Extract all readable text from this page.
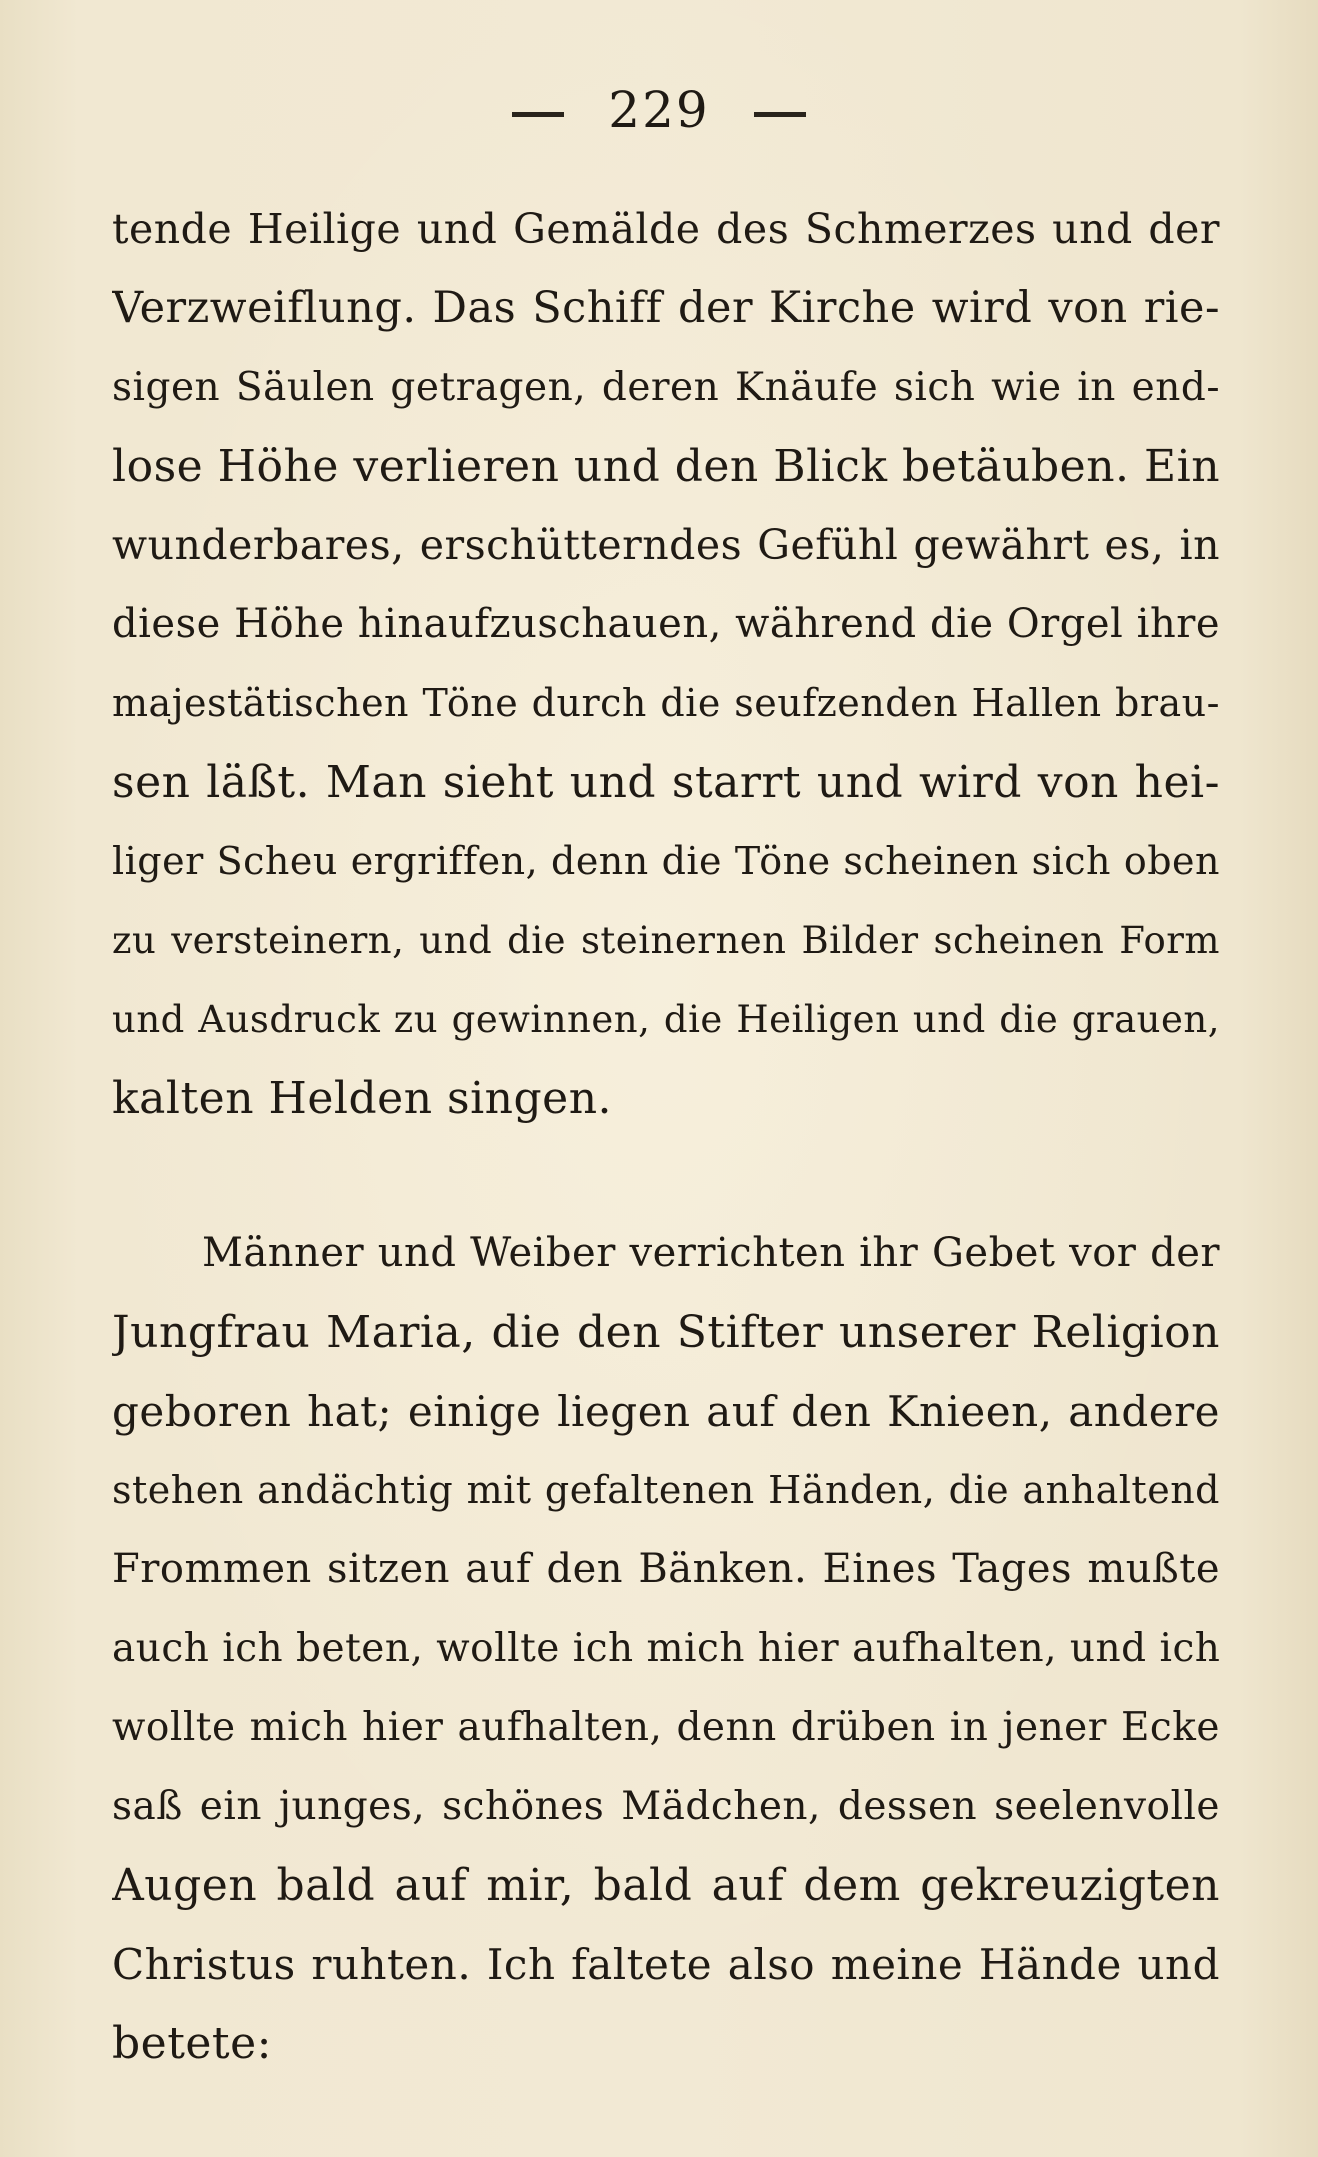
229
tende Heilige und Gemälde des Schmerzes und der
Verzweiflung. Das Schiff der Kirche wird von rie-
sigen Säulen getragen, deren Knäufe sich wie in end-
lose Höhe verlieren und den Blick betäuben. Ein
wunderbares, erschütterndes Gefühl gewährt es, in
diese Höhe hinaufzuschauen, während die Orgel ihre
majestätischen Töne durch die seufzenden Hallen brau-
sen läßt. Man sieht und starrt und wird von hei-
liger Scheu ergriffen, denn die Töne scheinen sich oben
zu versteinern, und die steinernen Bilder scheinen Form
und Ausdruck zu gewinnen, die Heiligen und die grauen,
kalten Helden singen.
Männer und Weiber verrichten ihr Gebet vor der
Jungfrau Maria, die den Stifter unserer Religion
geboren hat; einige liegen auf den Knieen, andere
stehen andächtig mit gefaltenen Händen, die anhaltend
Frommen sitzen auf den Bänken. Eines Tages mußte
auch ich beten, wollte ich mich hier aufhalten, und ich
wollte mich hier aufhalten, denn drüben in jener Ecke
saß ein junges, schönes Mädchen, dessen seelenvolle
Augen bald auf mir, bald auf dem gekreuzigten
Christus ruhten. Ich faltete also meine Hände und
betete:
